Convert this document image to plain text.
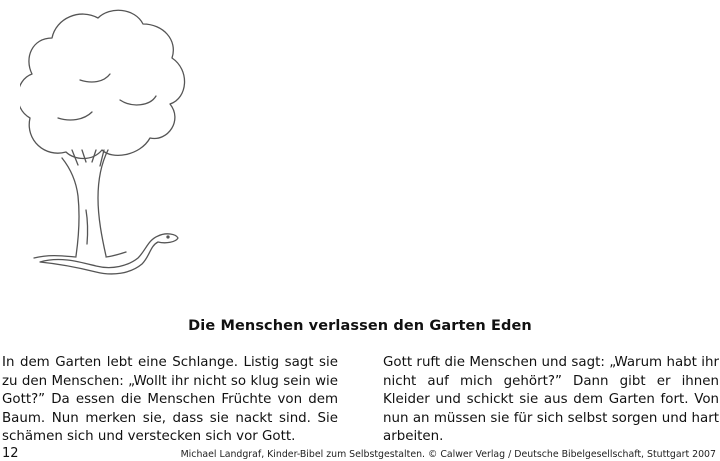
Die Menschen verlassen den Garten Eden
In dem Garten lebt eine Schlange. Listig sagt sie zu den Menschen: „Wollt ihr nicht so klug sein wie Gott?” Da essen die Menschen Früchte von dem Baum. Nun merken sie, dass sie nackt sind. Sie schämen sich und verstecken sich vor Gott.
Gott ruft die Menschen und sagt: „Warum habt ihr nicht auf mich gehört?” Dann gibt er ihnen Kleider und schickt sie aus dem Garten fort. Von nun an müssen sie für sich selbst sorgen und hart arbeiten.
12	Michael Landgraf, Kinder-Bibel zum Selbstgestalten. © Calwer Verlag / Deutsche Bibelgesellschaft, Stuttgart 2007
